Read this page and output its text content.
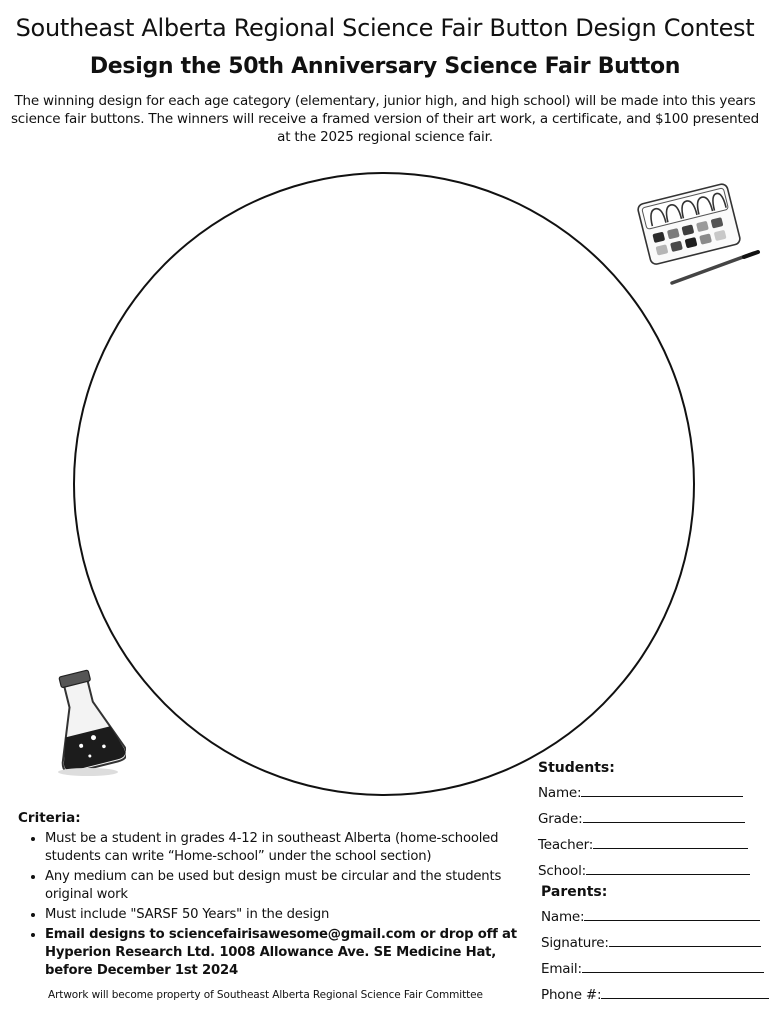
Southeast Alberta Regional Science Fair Button Design Contest
Design the 50th Anniversary Science Fair Button
The winning design for each age category (elementary, junior high, and high school) will be made into this years science fair buttons. The winners will receive a framed version of their art work, a certificate, and $100 presented at the 2025 regional science fair.
Criteria:
• Must be a student in grades 4-12 in southeast Alberta (home-schooled students can write “Home-school” under the school section)
• Any medium can be used but design must be circular and the students original work
• Must include "SARSF 50 Years" in the design
• Email designs to sciencefairisawesome@gmail.com or drop off at Hyperion Research Ltd. 1008 Allowance Ave. SE Medicine Hat, before December 1st 2024
Artwork will become property of Southeast Alberta Regional Science Fair Committee
Students:
Name:
Grade:
Teacher:
School:
Parents:
Name:
Signature:
Email:
Phone #:
